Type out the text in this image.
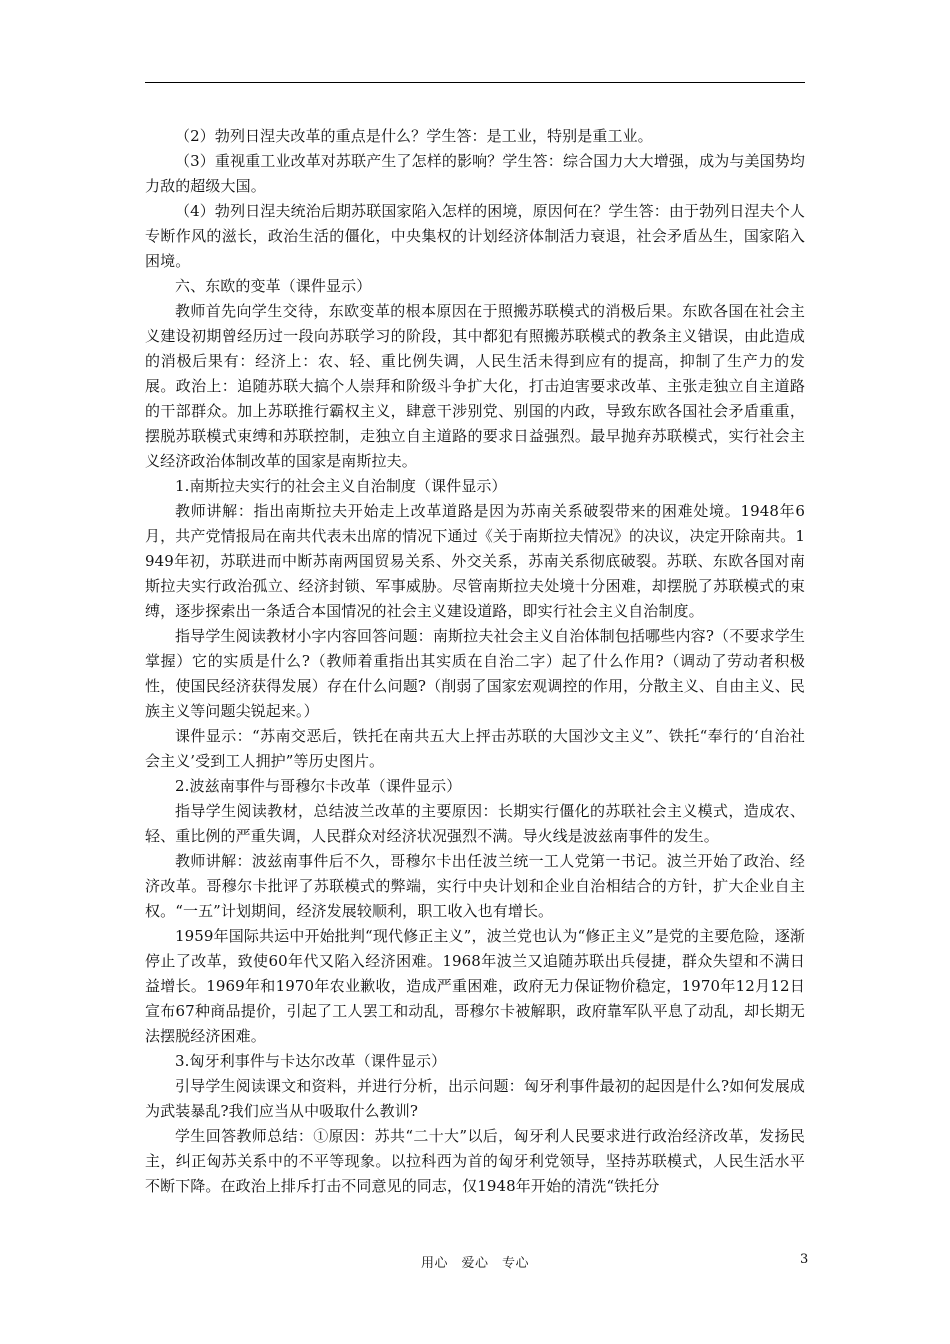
（2）勃列日涅夫改革的重点是什么？学生答：是工业，特别是重工业。

（3）重视重工业改革对苏联产生了怎样的影响？学生答：综合国力大大增强，成为与美国势均力敌的超级大国。

（4）勃列日涅夫统治后期苏联国家陷入怎样的困境，原因何在？学生答：由于勃列日涅夫个人专断作风的滋长，政治生活的僵化，中央集权的计划经济体制活力衰退，社会矛盾丛生，国家陷入困境。

六、东欧的变革（课件显示）

教师首先向学生交待，东欧变革的根本原因在于照搬苏联模式的消极后果。东欧各国在社会主义建设初期曾经历过一段向苏联学习的阶段，其中都犯有照搬苏联模式的教条主义错误，由此造成的消极后果有：经济上：农、轻、重比例失调，人民生活未得到应有的提高，抑制了生产力的发展。政治上：追随苏联大搞个人崇拜和阶级斗争扩大化，打击迫害要求改革、主张走独立自主道路的干部群众。加上苏联推行霸权主义，肆意干涉别党、别国的内政，导致东欧各国社会矛盾重重，摆脱苏联模式束缚和苏联控制，走独立自主道路的要求日益强烈。最早抛弃苏联模式，实行社会主义经济政治体制改革的国家是南斯拉夫。

1.南斯拉夫实行的社会主义自治制度（课件显示）

教师讲解：指出南斯拉夫开始走上改革道路是因为苏南关系破裂带来的困难处境。1948年6月，共产党情报局在南共代表未出席的情况下通过《关于南斯拉夫情况》的决议，决定开除南共。1949年初，苏联进而中断苏南两国贸易关系、外交关系，苏南关系彻底破裂。苏联、东欧各国对南斯拉夫实行政治孤立、经济封锁、军事威胁。尽管南斯拉夫处境十分困难，却摆脱了苏联模式的束缚，逐步探索出一条适合本国情况的社会主义建设道路，即实行社会主义自治制度。

指导学生阅读教材小字内容回答问题：南斯拉夫社会主义自治体制包括哪些内容?（不要求学生掌握）它的实质是什么?（教师着重指出其实质在自治二字）起了什么作用?（调动了劳动者积极性，使国民经济获得发展）存在什么问题?（削弱了国家宏观调控的作用，分散主义、自由主义、民族主义等问题尖锐起来。）

课件显示：“苏南交恶后，铁托在南共五大上抨击苏联的大国沙文主义”、铁托“奉行的‘自治社会主义’受到工人拥护”等历史图片。

2.波兹南事件与哥穆尔卡改革（课件显示）

指导学生阅读教材，总结波兰改革的主要原因：长期实行僵化的苏联社会主义模式，造成农、轻、重比例的严重失调，人民群众对经济状况强烈不满。导火线是波兹南事件的发生。

教师讲解：波兹南事件后不久，哥穆尔卡出任波兰统一工人党第一书记。波兰开始了政治、经济改革。哥穆尔卡批评了苏联模式的弊端，实行中央计划和企业自治相结合的方针，扩大企业自主权。“一五”计划期间，经济发展较顺利，职工收入也有增长。

1959年国际共运中开始批判“现代修正主义”，波兰党也认为“修正主义”是党的主要危险，逐渐停止了改革，致使60年代又陷入经济困难。1968年波兰又追随苏联出兵侵捷，群众失望和不满日益增长。1969年和1970年农业歉收，造成严重困难，政府无力保证物价稳定，1970年12月12日宣布67种商品提价，引起了工人罢工和动乱，哥穆尔卡被解职，政府靠军队平息了动乱，却长期无法摆脱经济困难。

3.匈牙利事件与卡达尔改革（课件显示）

引导学生阅读课文和资料，并进行分析，出示问题：匈牙利事件最初的起因是什么?如何发展成为武装暴乱?我们应当从中吸取什么教训?

学生回答教师总结：①原因：苏共“二十大”以后，匈牙利人民要求进行政治经济改革，发扬民主，纠正匈苏关系中的不平等现象。以拉科西为首的匈牙利党领导，坚持苏联模式，人民生活水平不断下降。在政治上排斥打击不同意见的同志，仅1948年开始的清洗“铁托分

用心　爱心　专心	3
